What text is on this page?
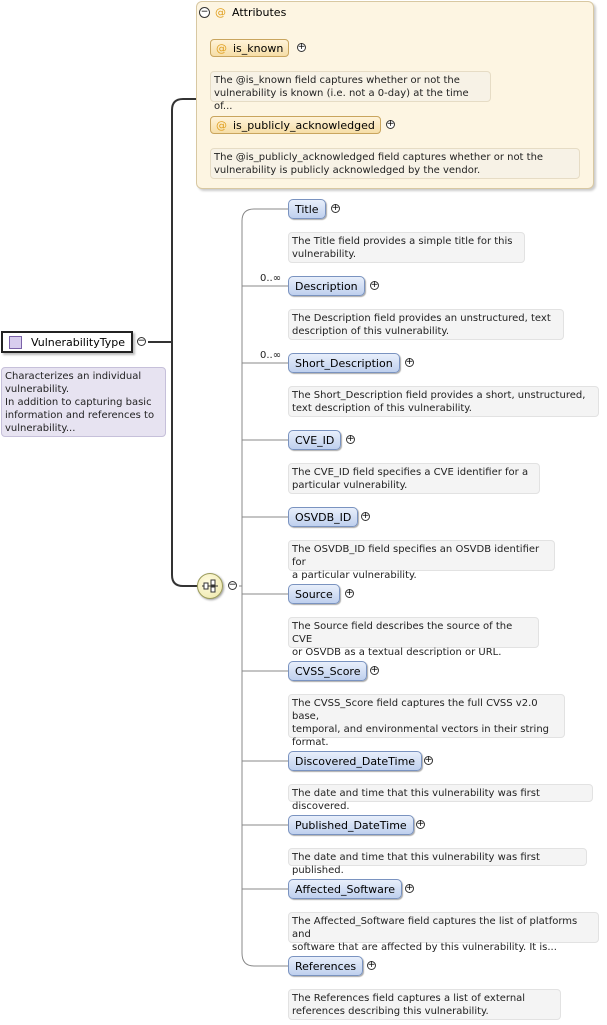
VulnerabilityType −
Characterizes an individual
vulnerability.
In addition to capturing basic
information and references to
vulnerability...
− @ Attributes
@ is_known +
The @is_known field captures whether or not the
vulnerability is known (i.e. not a 0-day) at the time of...
@ is_publicly_acknowledged +
The @is_publicly_acknowledged field captures whether or not the
vulnerability is publicly acknowledged by the vendor.
−
Title +
The Title field provides a simple title for this
vulnerability.
0..∞
Description +
The Description field provides an unstructured, text
description of this vulnerability.
0..∞
Short_Description +
The Short_Description field provides a short, unstructured,
text description of this vulnerability.
CVE_ID +
The CVE_ID field specifies a CVE identifier for a
particular vulnerability.
OSVDB_ID +
The OSVDB_ID field specifies an OSVDB identifier for
a particular vulnerability.
Source +
The Source field describes the source of the CVE
or OSVDB as a textual description or URL.
CVSS_Score +
The CVSS_Score field captures the full CVSS v2.0 base,
temporal, and environmental vectors in their string
format.
Discovered_DateTime +
The date and time that this vulnerability was first discovered.
Published_DateTime +
The date and time that this vulnerability was first published.
Affected_Software +
The Affected_Software field captures the list of platforms and
software that are affected by this vulnerability. It is...
References +
The References field captures a list of external
references describing this vulnerability.
